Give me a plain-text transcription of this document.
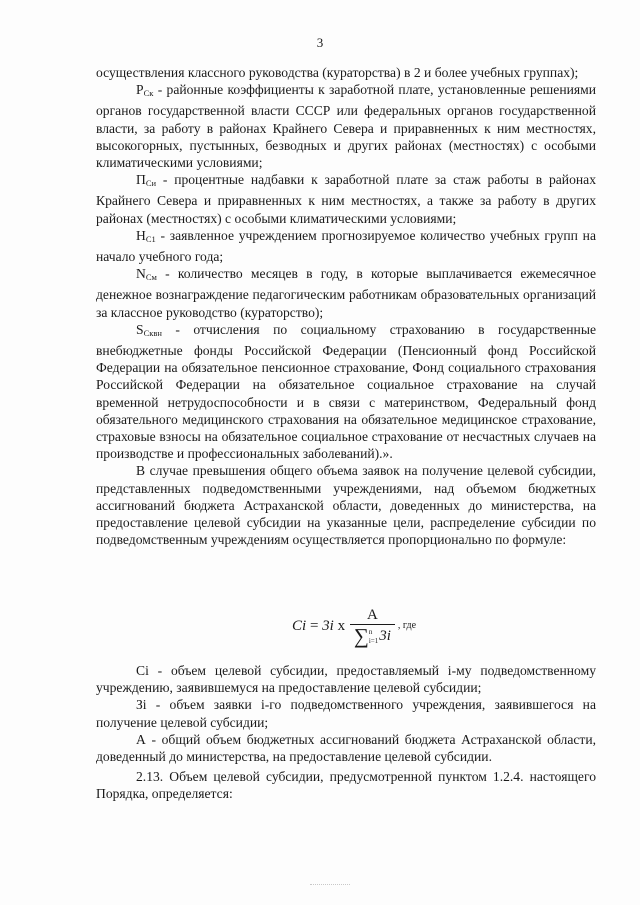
3

осуществления классного руководства (кураторства) в 2 и более учебных группах);

$P_{Ск}$ - районные коэффициенты к заработной плате, установленные решениями органов государственной власти СССР или федеральных органов государственной власти, за работу в районах Крайнего Севера и приравненных к ним местностях, высокогорных, пустынных, безводных и других районах (местностях) с особыми климатическими условиями;

$П_{Си}$ - процентные надбавки к заработной плате за стаж работы в районах Крайнего Севера и приравненных к ним местностях, а также за работу в других районах (местностях) с особыми климатическими условиями;

$Н_{С1}$ - заявленное учреждением прогнозируемое количество учебных групп на начало учебного года;

$N_{См}$ - количество месяцев в году, в которые выплачивается ежемесячное денежное вознаграждение педагогическим работникам образовательных организаций за классное руководство (кураторство);

$S_{Сквн}$ - отчисления по социальному страхованию в государственные внебюджетные фонды Российской Федерации (Пенсионный фонд Российской Федерации на обязательное пенсионное страхование, Фонд социального страхования Российской Федерации на обязательное социальное страхование на случай временной нетрудоспособности и в связи с материнством, Федеральный фонд обязательного медицинского страхования на обязательное медицинское страхование, страховые взносы на обязательное социальное страхование от несчастных случаев на производстве и профессиональных заболеваний).».

В случае превышения общего объема заявок на получение целевой субсидии, представленных подведомственными учреждениями, над объемом бюджетных ассигнований бюджета Астраханской области, доведенных до министерства, на предоставление целевой субсидии на указанные цели, распределение субсидии по подведомственным учреждениям осуществляется пропорционально по формуле:

Ci = 3i x А
∑ n
i=1 3i , где

Ci - объем целевой субсидии, предоставляемый i-му подведомственному учреждению, заявившемуся на предоставление целевой субсидии;

Зi - объем заявки i-го подведомственного учреждения, заявившегося на получение целевой субсидии;

А - общий объем бюджетных ассигнований бюджета Астраханской области, доведенный до министерства, на предоставление целевой субсидии.

2.13. Объем целевой субсидии, предусмотренной пунктом 1.2.4. настоящего Порядка, определяется:
